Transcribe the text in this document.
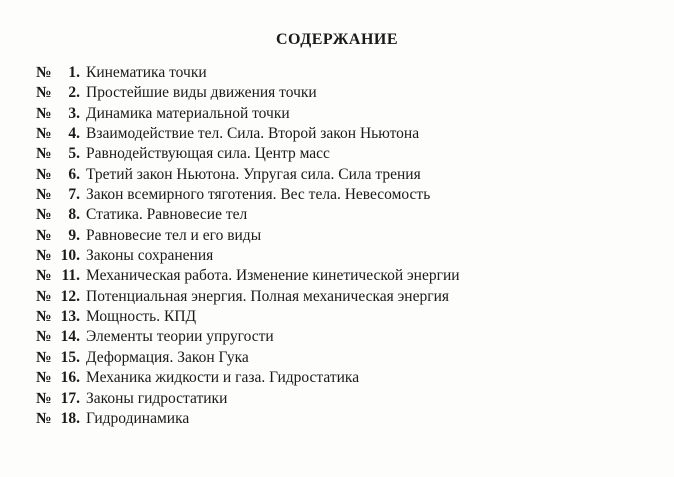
СОДЕРЖАНИЕ
№	1. Кинематика точки
№	2. Простейшие виды движения точки
№	3. Динамика материальной точки
№	4. Взаимодействие тел. Сила. Второй закон Ньютона
№	5. Равнодействующая сила. Центр масс
№	6. Третий закон Ньютона. Упругая сила. Сила трения
№	7. Закон всемирного тяготения. Вес тела. Невесомость
№	8. Статика. Равновесие тел
№	9. Равновесие тел и его виды
№ 10. Законы сохранения
№ 11. Механическая работа. Изменение кинетической энергии
№ 12. Потенциальная энергия. Полная механическая энергия
№ 13. Мощность. КПД
№ 14. Элементы теории упругости
№ 15. Деформация. Закон Гука
№ 16. Механика жидкости и газа. Гидростатика
№ 17. Законы гидростатики
№ 18. Гидродинамика
